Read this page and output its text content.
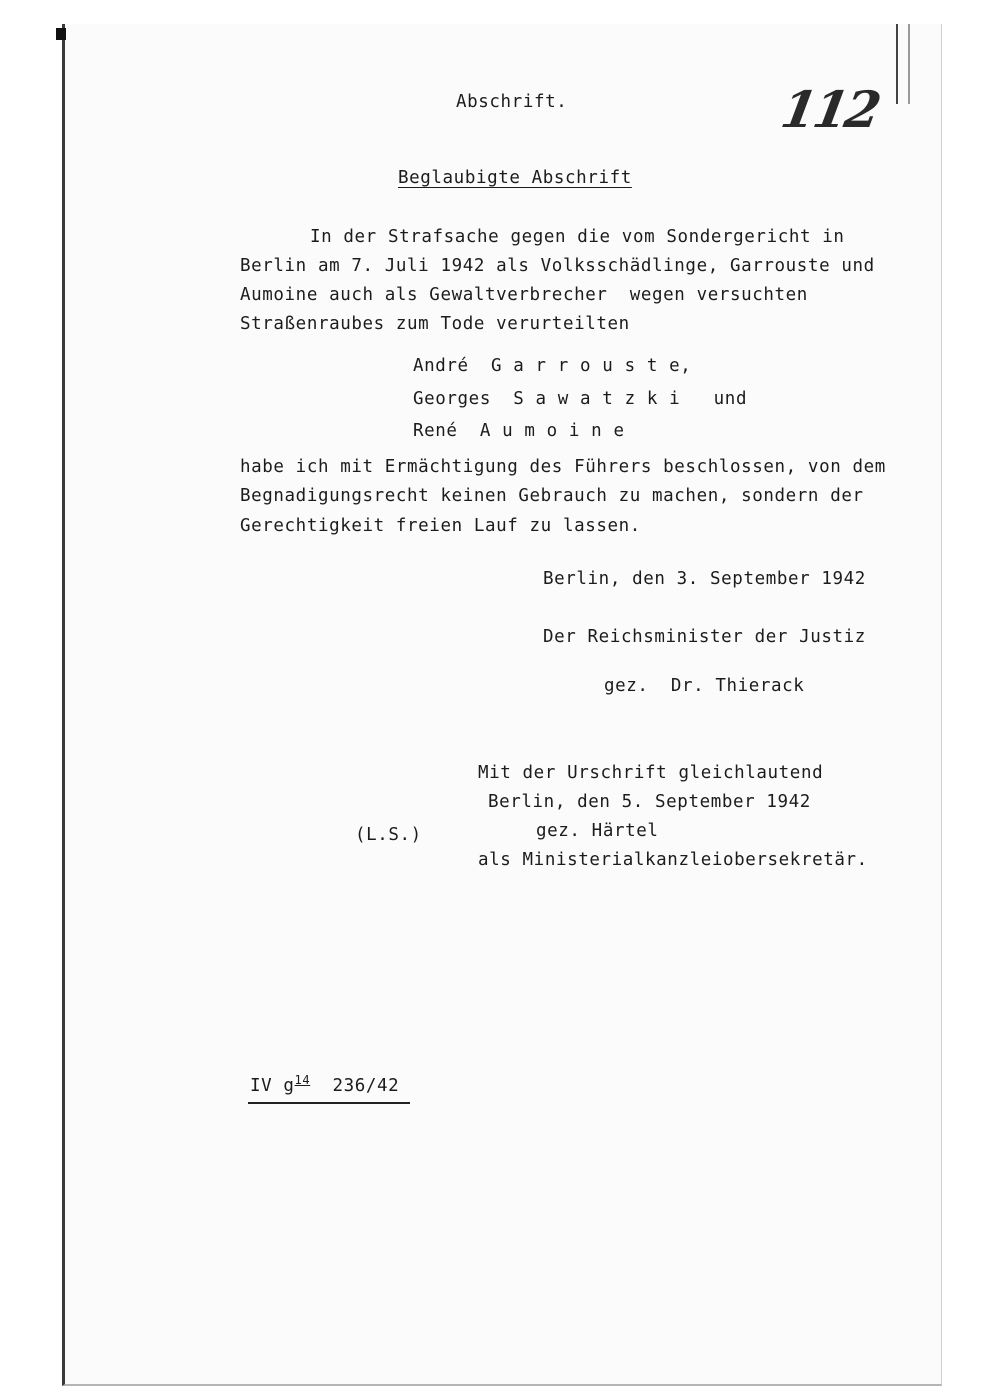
Abschrift.	112
Beglaubigte Abschrift
In der Strafsache gegen die vom Sondergericht in
Berlin am 7. Juli 1942 als Volksschädlinge, Garrouste und
Aumoine auch als Gewaltverbrecher  wegen versuchten
Straßenraubes zum Tode verurteilten
André  G a r r o u s t e,
Georges  S a w a t z k i   und
René  A u m o i n e
habe ich mit Ermächtigung des Führers beschlossen, von dem
Begnadigungsrecht keinen Gebrauch zu machen, sondern der
Gerechtigkeit freien Lauf zu lassen.
Berlin, den 3. September 1942
Der Reichsminister der Justiz
gez.  Dr. Thierack
Mit der Urschrift gleichlautend
Berlin, den 5. September 1942
(L.S.)	gez. Härtel
als Ministerialkanzleiobersekretär.
IV $g^{14}$ 236/42
